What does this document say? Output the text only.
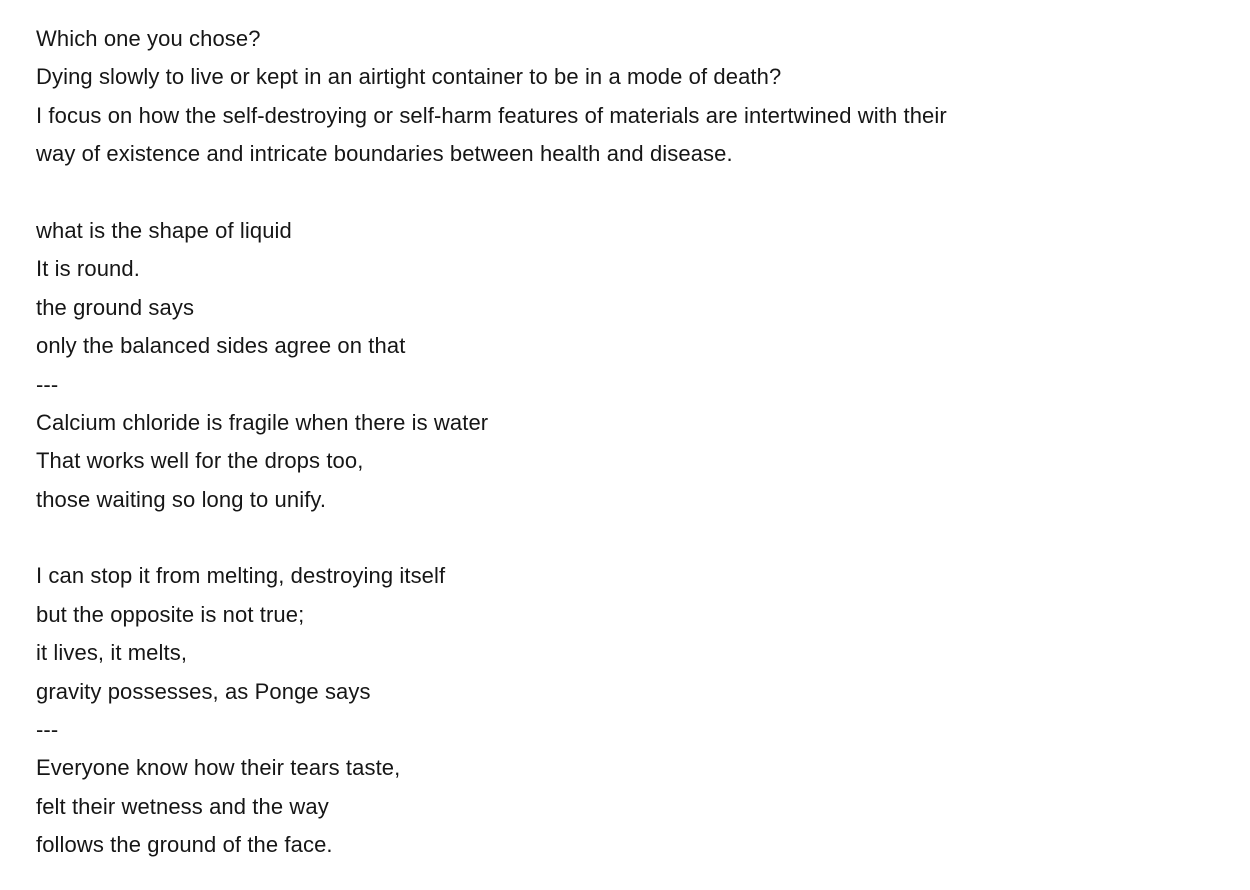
Which one you chose?
Dying slowly to live or kept in an airtight container to be in a mode of death?
I focus on how the self-destroying or self-harm features of materials are intertwined with their
way of existence and intricate boundaries between health and disease.
what is the shape of liquid
It is round.
the ground says
only the balanced sides agree on that
---
Calcium chloride is fragile when there is water
That works well for the drops too,
those waiting so long to unify.
I can stop it from melting, destroying itself
but the opposite is not true;
it lives, it melts,
gravity possesses, as Ponge says
---
Everyone know how their tears taste,
felt their wetness and the way
follows the ground of the face.
